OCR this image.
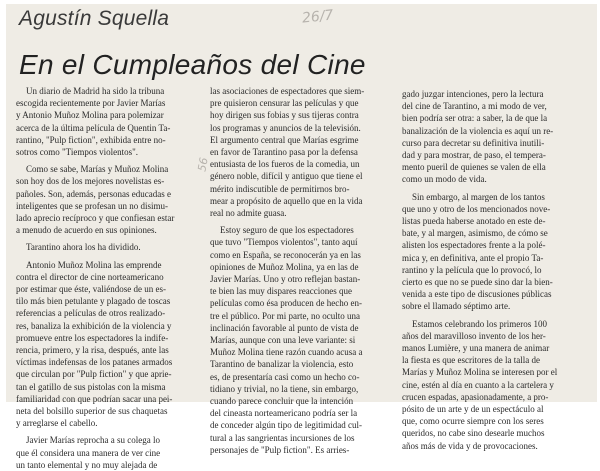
Agustín Squella	26/7
En el Cumpleaños del Cine
56
Un diario de Madrid ha sido la tribuna
escogida recientemente por Javier Marías
y Antonio Muñoz Molina para polemizar
acerca de la última película de Quentin Ta-
rantino, "Pulp fiction", exhibida entre no-
sotros como "Tiempos violentos".
Como se sabe, Marías y Muñoz Molina
son hoy dos de los mejores novelistas es-
pañoles. Son, además, personas educadas e
inteligentes que se profesan un no disimu-
lado aprecio recíproco y que confiesan estar
a menudo de acuerdo en sus opiniones.
Tarantino ahora los ha dividido.
Antonio Muñoz Molina las emprende
contra el director de cine norteamericano
por estimar que éste, valiéndose de un es-
tilo más bien petulante y plagado de toscas
referencias a películas de otros realizado-
res, banaliza la exhibición de la violencia y
promueve entre los espectadores la indife-
rencia, primero, y la risa, después, ante las
víctimas indefensas de los patanes armados
que circulan por "Pulp fiction" y que aprie-
tan el gatillo de sus pistolas con la misma
familiaridad con que podrían sacar una pei-
neta del bolsillo superior de sus chaquetas
y arreglarse el cabello.
Javier Marías reprocha a su colega lo
que él considera una manera de ver cine
un tanto elemental y no muy alejada de
las asociaciones de espectadores que siem-
pre quisieron censurar las películas y que
hoy dirigen sus fobias y sus tijeras contra
los programas y anuncios de la televisión.
El argumento central que Marías esgrime
en favor de Tarantino pasa por la defensa
entusiasta de los fueros de la comedia, un
género noble, difícil y antiguo que tiene el
mérito indiscutible de permitirnos bro-
mear a propósito de aquello que en la vida
real no admite guasa.
Estoy seguro de que los espectadores
que tuvo "Tiempos violentos", tanto aquí
como en España, se reconocerán ya en las
opiniones de Muñoz Molina, ya en las de
Javier Marías. Uno y otro reflejan bastan-
te bien las muy dispares reacciones que
películas como ésa producen de hecho en-
tre el público. Por mi parte, no oculto una
inclinación favorable al punto de vista de
Marías, aunque con una leve variante: si
Muñoz Molina tiene razón cuando acusa a
Tarantino de banalizar la violencia, esto
es, de presentaría casi como un hecho co-
tidiano y trivial, no la tiene, sin embargo,
cuando parece concluir que la intención
del cineasta norteamericano podría ser la
de conceder algún tipo de legitimidad cul-
tural a las sangrientas incursiones de los
personajes de "Pulp fiction". Es arries-
gado juzgar intenciones, pero la lectura
del cine de Tarantino, a mi modo de ver,
bien podría ser otra: a saber, la de que la
banalización de la violencia es aquí un re-
curso para decretar su definitiva inutili-
dad y para mostrar, de paso, el tempera-
mento pueril de quienes se valen de ella
como un modo de vida.
Sin embargo, al margen de los tantos
que uno y otro de los mencionados nove-
listas pueda haberse anotado en este de-
bate, y al margen, asimismo, de cómo se
alisten los espectadores frente a la polé-
mica y, en definitiva, ante el propio Ta-
rantino y la película que lo provocó, lo
cierto es que no se puede sino dar la bien-
venida a este tipo de discusiones públicas
sobre el llamado séptimo arte.
Estamos celebrando los primeros 100
años del maravilloso invento de los her-
manos Lumière, y una manera de animar
la fiesta es que escritores de la talla de
Marías y Muñoz Molina se interesen por el
cine, estén al día en cuanto a la cartelera y
crucen espadas, apasionadamente, a pro-
pósito de un arte y de un espectáculo al
que, como ocurre siempre con los seres
queridos, no cabe sino desearle muchos
años más de vida y de provocaciones.
